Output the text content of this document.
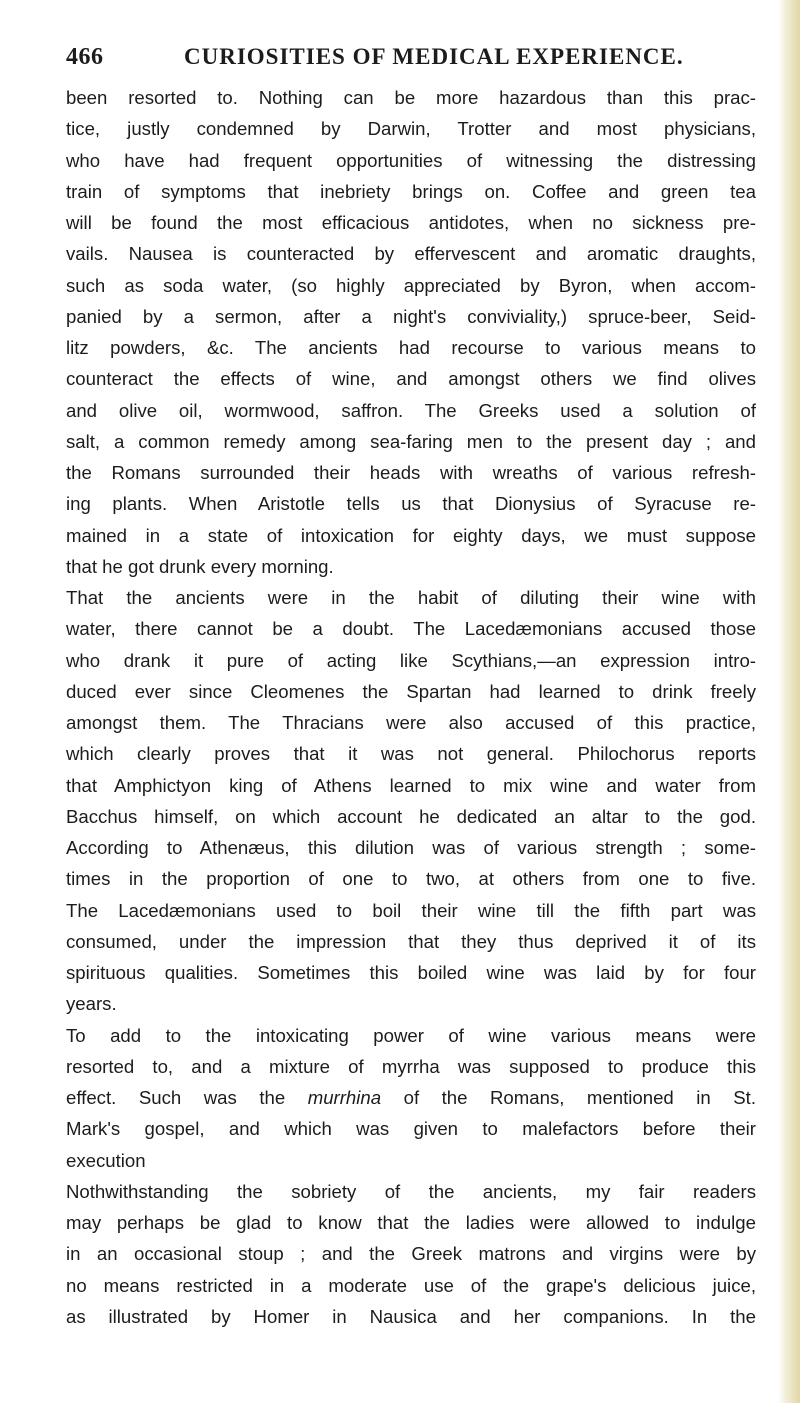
466	CURIOSITIES OF MEDICAL EXPERIENCE.
been resorted to. Nothing can be more hazardous than this prac-
tice, justly condemned by Darwin, Trotter and most physicians,
who have had frequent opportunities of witnessing the distressing
train of symptoms that inebriety brings on. Coffee and green tea
will be found the most efficacious antidotes, when no sickness pre-
vails. Nausea is counteracted by effervescent and aromatic draughts,
such as soda water, (so highly appreciated by Byron, when accom-
panied by a sermon, after a night's conviviality,) spruce-beer, Seid-
litz powders, &c. The ancients had recourse to various means to
counteract the effects of wine, and amongst others we find olives
and olive oil, wormwood, saffron. The Greeks used a solution of
salt, a common remedy among sea-faring men to the present day ; and
the Romans surrounded their heads with wreaths of various refresh-
ing plants. When Aristotle tells us that Dionysius of Syracuse re-
mained in a state of intoxication for eighty days, we must suppose
that he got drunk every morning.
That the ancients were in the habit of diluting their wine with
water, there cannot be a doubt. The Lacedæmonians accused those
who drank it pure of acting like Scythians,—an expression intro-
duced ever since Cleomenes the Spartan had learned to drink freely
amongst them. The Thracians were also accused of this practice,
which clearly proves that it was not general. Philochorus reports
that Amphictyon king of Athens learned to mix wine and water from
Bacchus himself, on which account he dedicated an altar to the god.
According to Athenæus, this dilution was of various strength ; some-
times in the proportion of one to two, at others from one to five.
The Lacedæmonians used to boil their wine till the fifth part was
consumed, under the impression that they thus deprived it of its
spirituous qualities. Sometimes this boiled wine was laid by for four
years.
To add to the intoxicating power of wine various means were
resorted to, and a mixture of myrrha was supposed to produce this
effect. Such was the murrhina of the Romans, mentioned in St.
Mark's gospel, and which was given to malefactors before their
execution
Nothwithstanding the sobriety of the ancients, my fair readers
may perhaps be glad to know that the ladies were allowed to indulge
in an occasional stoup ; and the Greek matrons and virgins were by
no means restricted in a moderate use of the grape's delicious juice,
as illustrated by Homer in Nausica and her companions. In the
